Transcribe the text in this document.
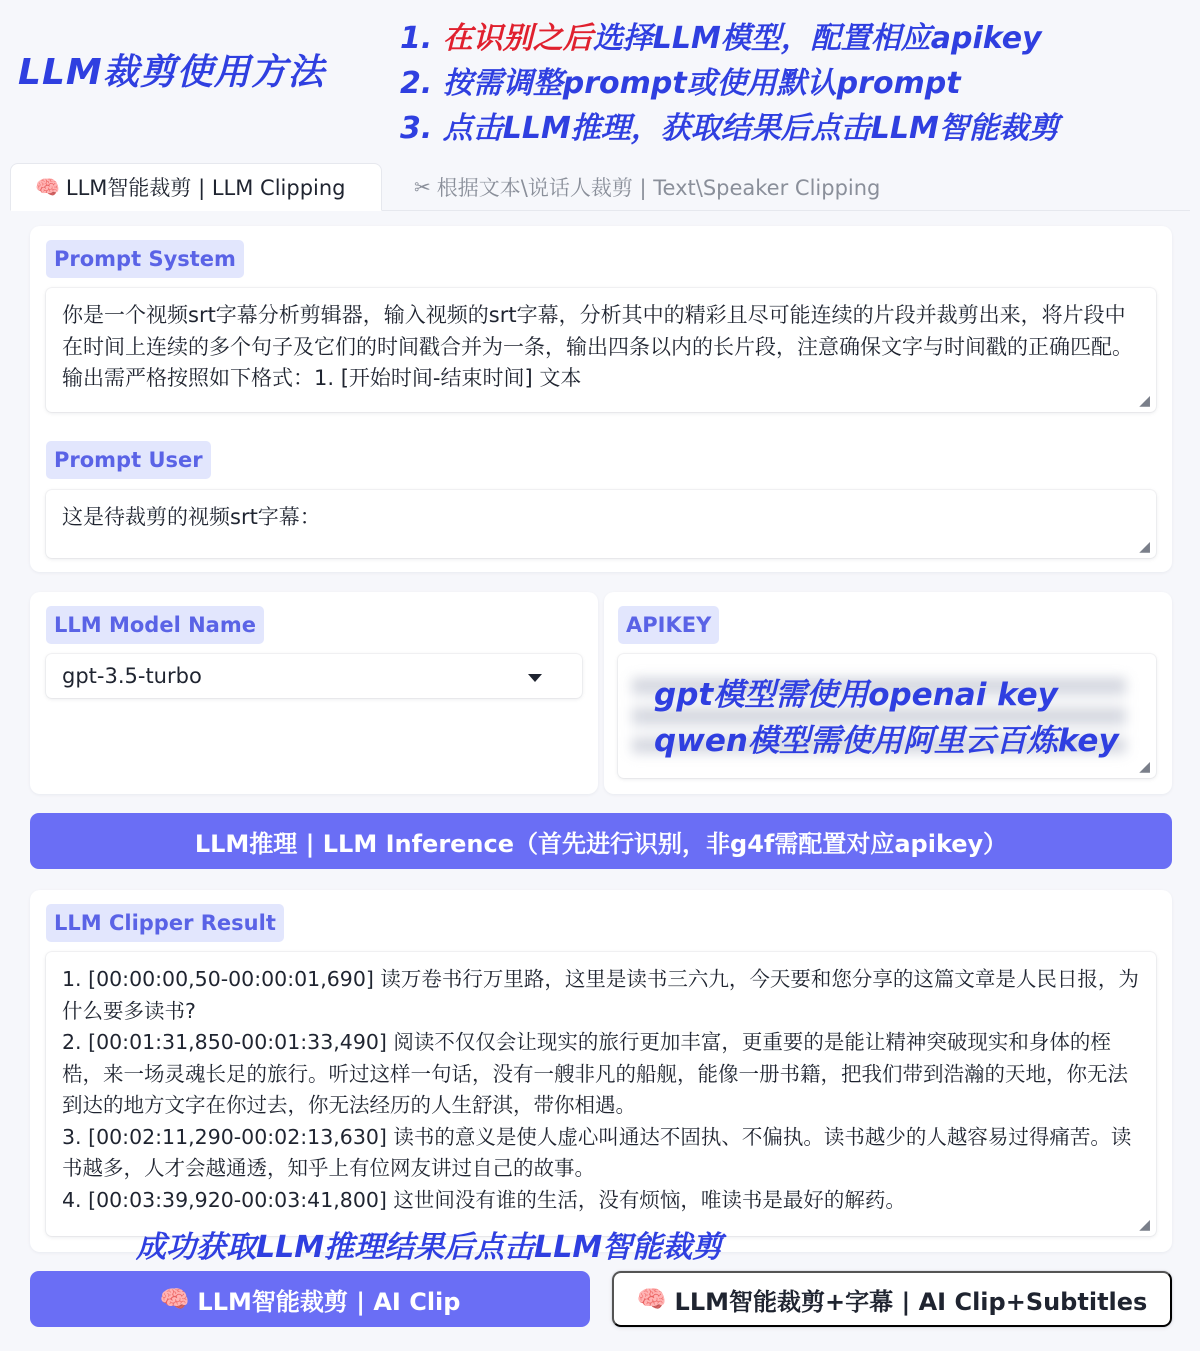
LLM裁剪使用方法
1. 在识别之后选择LLM模型，配置相应apikey
2. 按需调整prompt或使用默认prompt
3. 点击LLM推理，获取结果后点击LLM智能裁剪
🧠 LLM智能裁剪 | LLM Clipping	✂ 根据文本\说话人裁剪 | Text\Speaker Clipping
Prompt System
你是一个视频srt字幕分析剪辑器，输入视频的srt字幕，分析其中的精彩且尽可能连续的片段并裁剪出来，将片段中在时间上连续的多个句子及它们的时间戳合并为一条，输出四条以内的长片段，注意确保文字与时间戳的正确匹配。输出需严格按照如下格式：1. [开始时间-结束时间] 文本
◢
Prompt User
这是待裁剪的视频srt字幕：
◢
LLM Model Name
gpt-3.5-turbo
APIKEY
gpt模型需使用openai key
qwen模型需使用阿里云百炼key
◢
LLM推理 | LLM Inference（首先进行识别，非g4f需配置对应apikey）
LLM Clipper Result
1. [00:00:00,50-00:00:01,690] 读万卷书行万里路，这里是读书三六九，今天要和您分享的这篇文章是人民日报，为什么要多读书?
2. [00:01:31,850-00:01:33,490] 阅读不仅仅会让现实的旅行更加丰富，更重要的是能让精神突破现实和身体的桎梏，来一场灵魂长足的旅行。听过这样一句话，没有一艘非凡的船舰，能像一册书籍，把我们带到浩瀚的天地，你无法到达的地方文字在你过去，你无法经历的人生舒淇，带你相遇。
3. [00:02:11,290-00:02:13,630] 读书的意义是使人虚心叫通达不固执、不偏执。读书越少的人越容易过得痛苦。读书越多，人才会越通透，知乎上有位网友讲过自己的故事。
4. [00:03:39,920-00:03:41,800] 这世间没有谁的生活，没有烦恼，唯读书是最好的解药。
◢
成功获取LLM推理结果后点击LLM智能裁剪
🧠 LLM智能裁剪 | AI Clip	🧠 LLM智能裁剪+字幕 | AI Clip+Subtitles
